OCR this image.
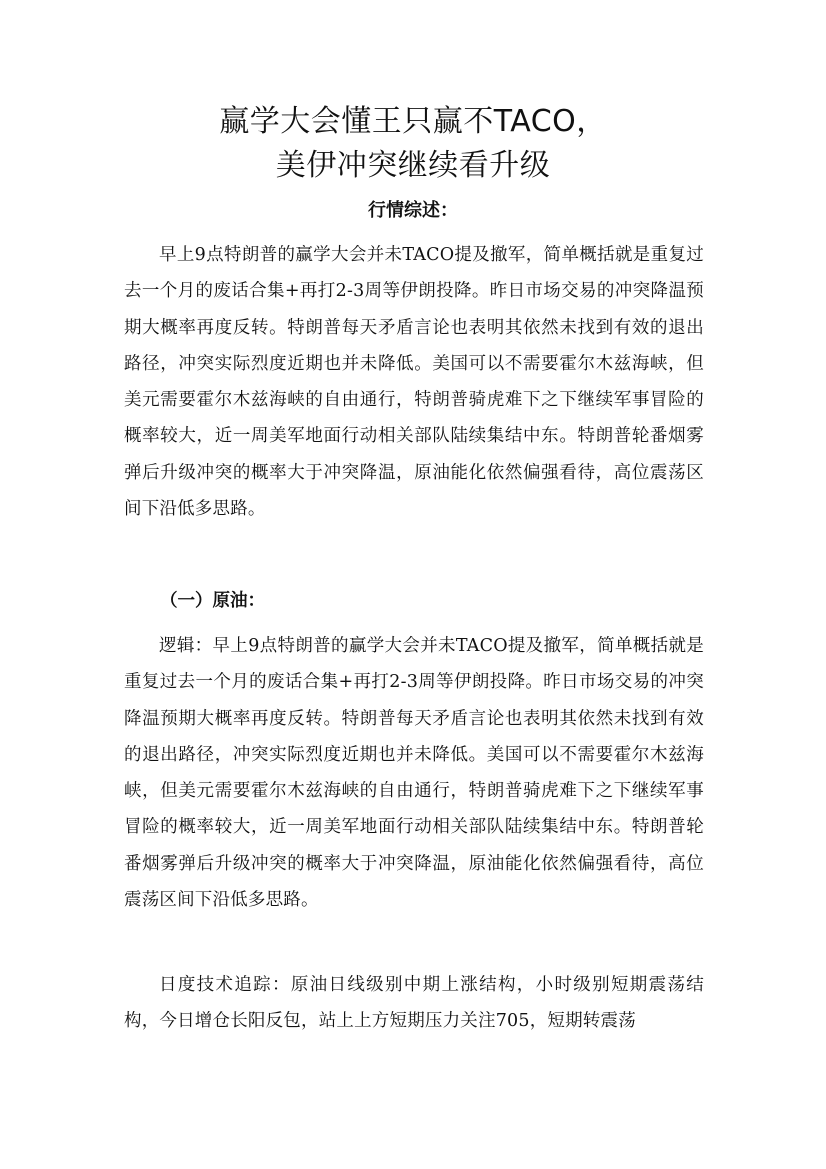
赢学大会懂王只赢不TACO，
美伊冲突继续看升级
行情综述：

早上9点特朗普的赢学大会并未TACO提及撤军，简单概括就是重复过去一个月的废话合集+再打2-3周等伊朗投降。昨日市场交易的冲突降温预期大概率再度反转。特朗普每天矛盾言论也表明其依然未找到有效的退出路径，冲突实际烈度近期也并未降低。美国可以不需要霍尔木兹海峡，但美元需要霍尔木兹海峡的自由通行，特朗普骑虎难下之下继续军事冒险的概率较大，近一周美军地面行动相关部队陆续集结中东。特朗普轮番烟雾弹后升级冲突的概率大于冲突降温，原油能化依然偏强看待，高位震荡区间下沿低多思路。

（一）原油：

逻辑：早上9点特朗普的赢学大会并未TACO提及撤军，简单概括就是重复过去一个月的废话合集+再打2-3周等伊朗投降。昨日市场交易的冲突降温预期大概率再度反转。特朗普每天矛盾言论也表明其依然未找到有效的退出路径，冲突实际烈度近期也并未降低。美国可以不需要霍尔木兹海峡，但美元需要霍尔木兹海峡的自由通行，特朗普骑虎难下之下继续军事冒险的概率较大，近一周美军地面行动相关部队陆续集结中东。特朗普轮番烟雾弹后升级冲突的概率大于冲突降温，原油能化依然偏强看待，高位震荡区间下沿低多思路。

日度技术追踪：原油日线级别中期上涨结构，小时级别短期震荡结构，今日增仓长阳反包，站上上方短期压力关注705，短期转震荡
